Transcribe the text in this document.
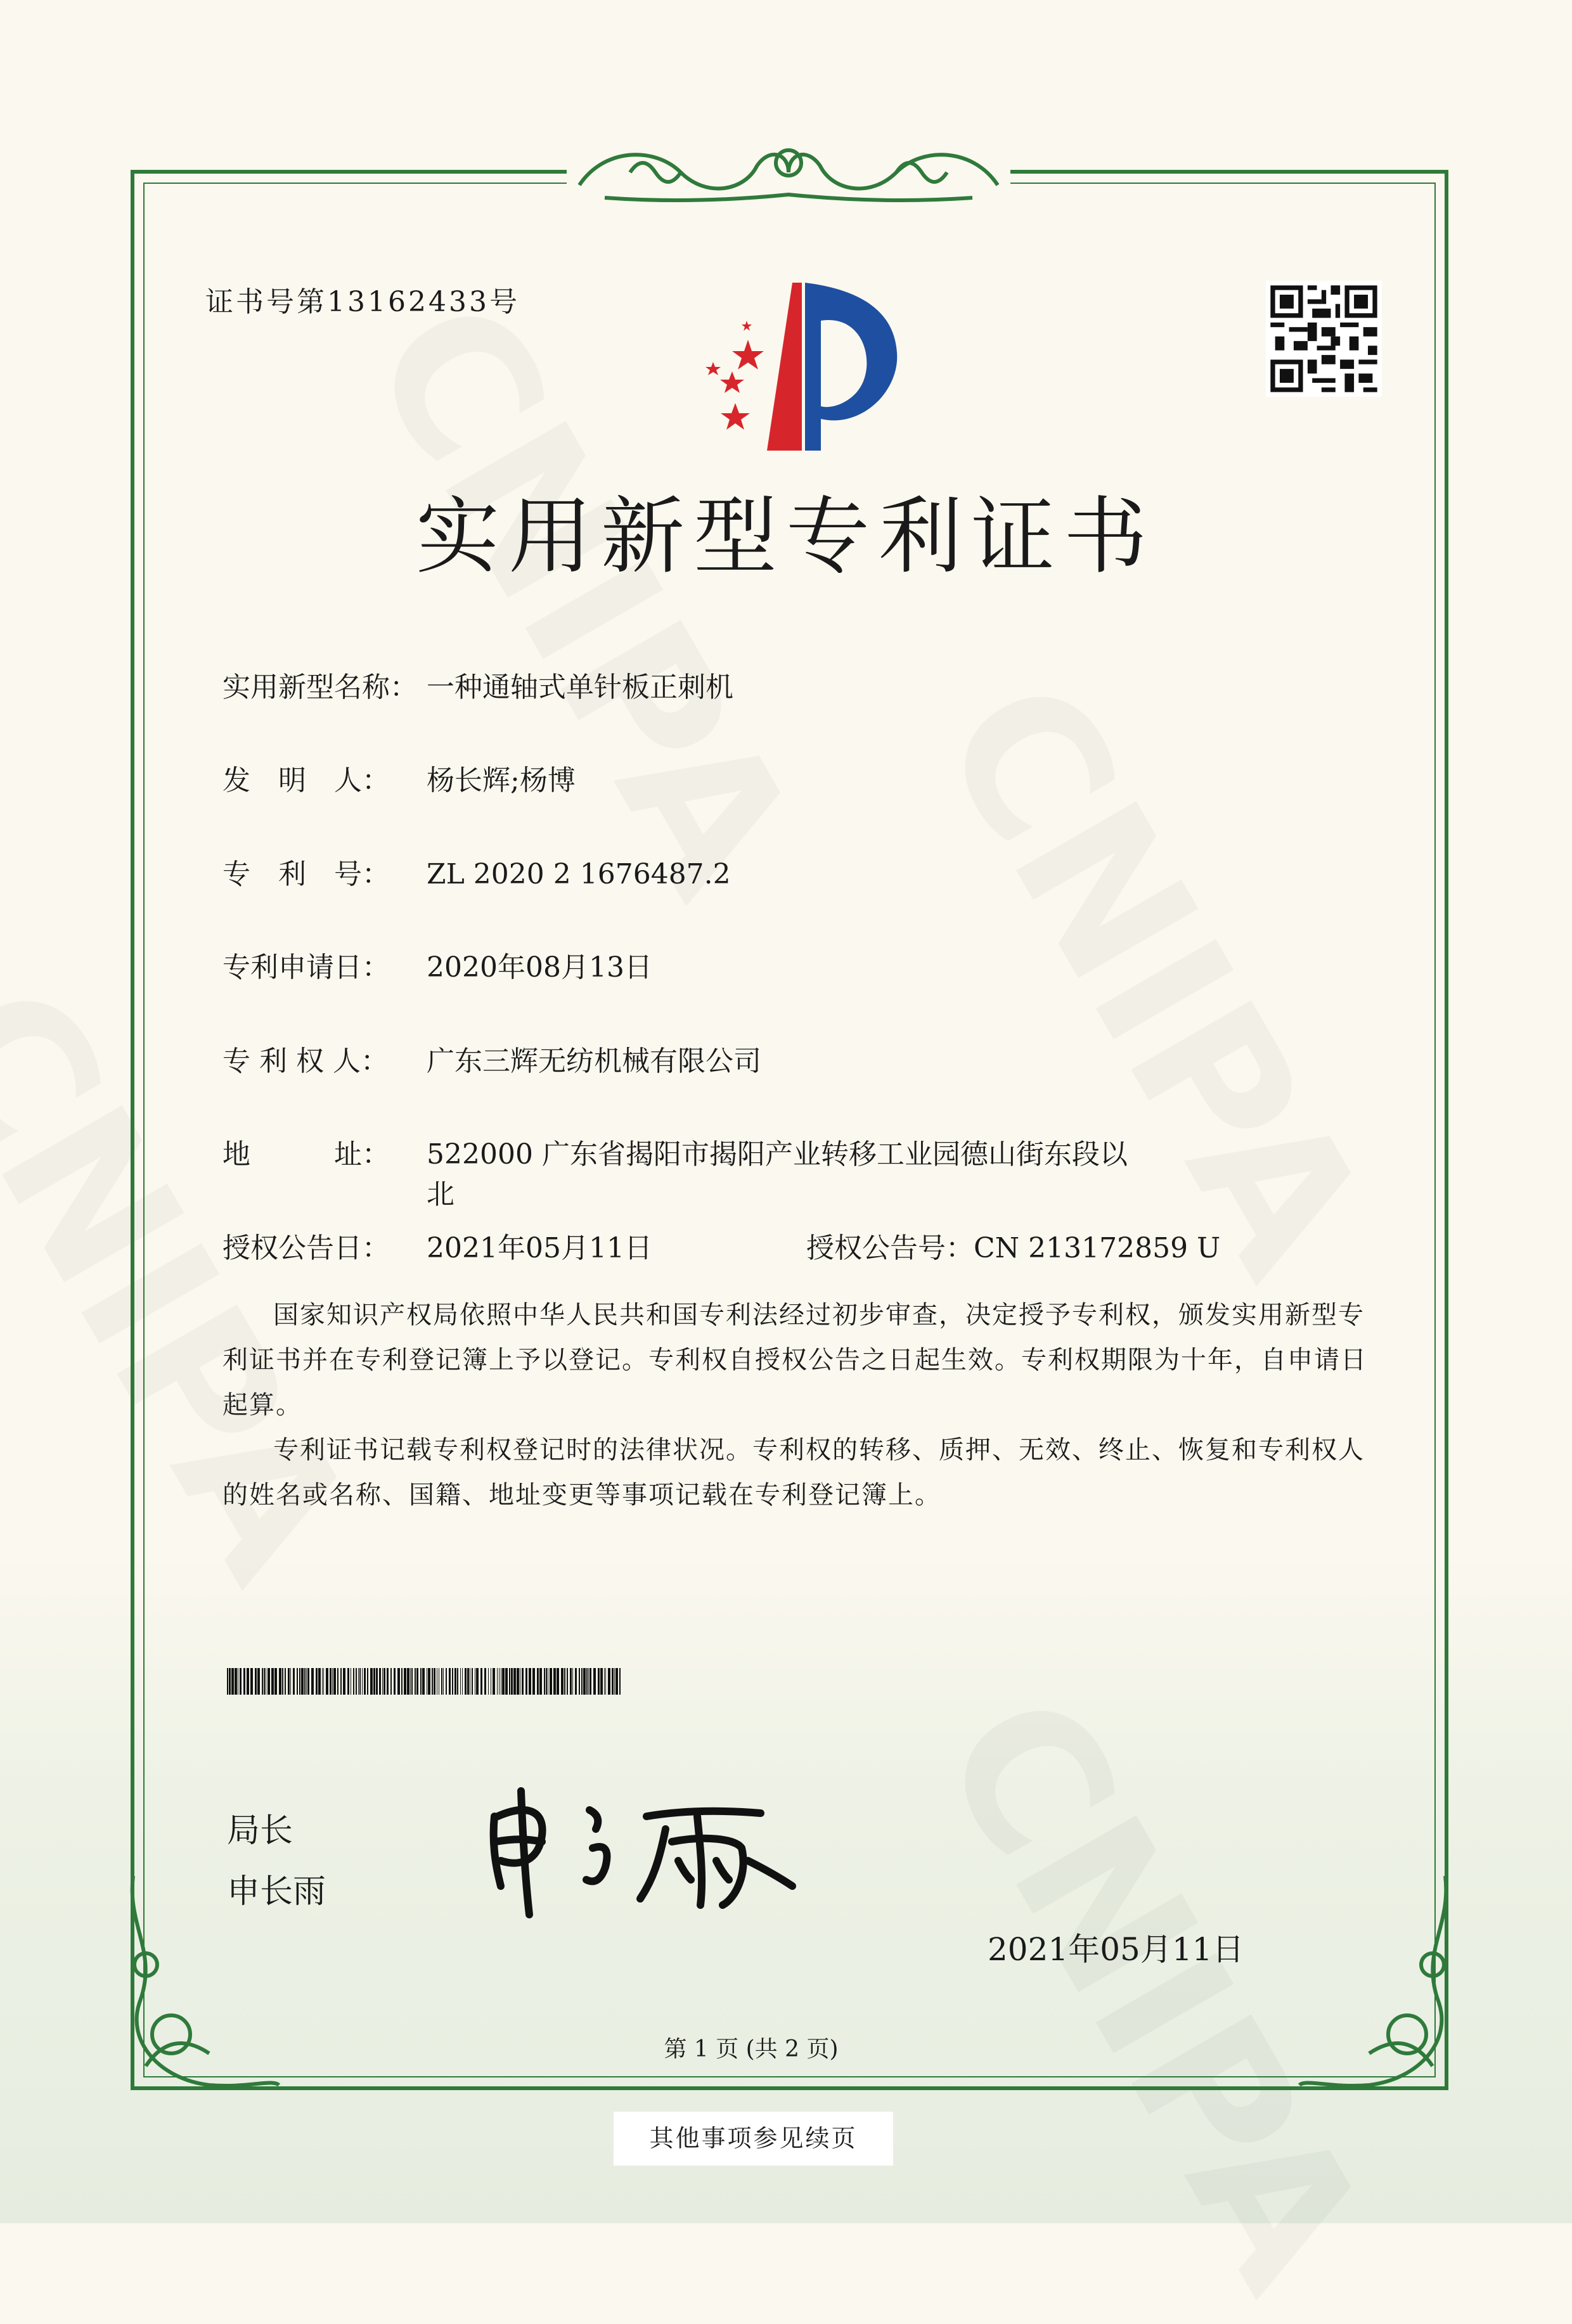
证书号第13162433号
实用新型专利证书
实用新型名称： 一种通轴式单针板正刺机
发　明　人： 杨长辉;杨博
专　利　号： ZL 2020 2 1676487.2
专利申请日： 2020年08月13日
专 利 权 人： 广东三辉无纺机械有限公司
地　　　址： 522000 广东省揭阳市揭阳产业转移工业园德山街东段以
北
授权公告日： 2021年05月11日	授权公告号：CN 213172859 U

国家知识产权局依照中华人民共和国专利法经过初步审查，决定授予专利权，颁发实用新型专利证书并在专利登记簿上予以登记。专利权自授权公告之日起生效。专利权期限为十年，自申请日起算。

专利证书记载专利权登记时的法律状况。专利权的转移、质押、无效、终止、恢复和专利权人的姓名或名称、国籍、地址变更等事项记载在专利登记簿上。

局长
申长雨
2021年05月11日
第 1 页 (共 2 页)
其他事项参见续页
